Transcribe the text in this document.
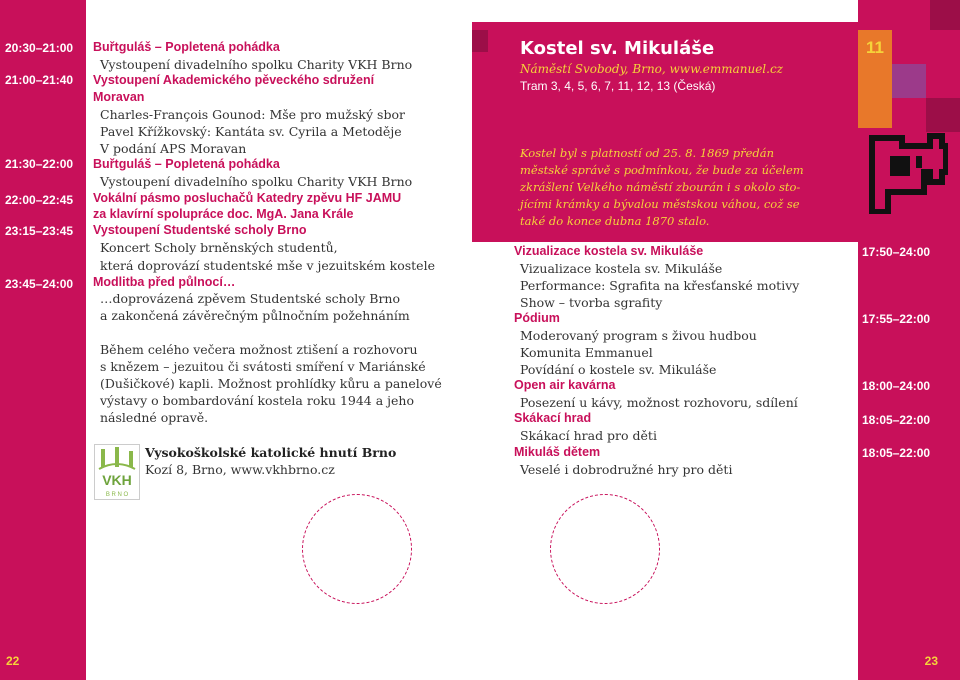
20:30–21:00
21:00–21:40
21:30–22:00
22:00–22:45
23:15–23:45
23:45–24:00
Buřtguláš – Popletená pohádka
Vystoupení divadelního spolku Charity VKH Brno
Vystoupení Akademického pěveckého sdružení
Moravan
Charles-François Gounod: Mše pro mužský sbor
Pavel Křížkovský: Kantáta sv. Cyrila a Metoděje
V podání APS Moravan
Buřtguláš – Popletená pohádka
Vystoupení divadelního spolku Charity VKH Brno
Vokální pásmo posluchačů Katedry zpěvu HF JAMU
za klavírní spolupráce doc. MgA. Jana Krále
Vystoupení Studentské scholy Brno
Koncert Scholy brněnských studentů,
která doprovází studentské mše v jezuitském kostele
Modlitba před půlnocí…
…doprovázená zpěvem Studentské scholy Brno
a zakončená závěrečným půlnočním požehnáním
Během celého večera možnost ztišení a rozhovoru
s knězem – jezuitou či svátosti smíření v Mariánské
(Dušičkové) kapli. Možnost prohlídky kůru a panelové
výstavy o bombardování kostela roku 1944 a jeho
následné opravě.
VKH
B R N O
Vysokoškolské katolické hnutí Brno
Kozí 8, Brno, www.vkhbrno.cz
22
Kostel sv. Mikuláše
Náměstí Svobody, Brno, www.emmanuel.cz
Tram 3, 4, 5, 6, 7, 11, 12, 13 (Česká)
Kostel byl s platností od 25. 8. 1869 předán
městské správě s podmínkou, že bude za účelem
zkrášlení Velkého náměstí zbourán i s okolo sto-
jícími krámky a bývalou městskou váhou, což se
také do konce dubna 1870 stalo.
11
Vizualizace kostela sv. Mikuláše
Vizualizace kostela sv. Mikuláše
Performance: Sgrafita na křesťanské motivy
Show – tvorba sgrafity
Pódium
Moderovaný program s živou hudbou
Komunita Emmanuel
Povídání o kostele sv. Mikuláše
Open air kavárna
Posezení u kávy, možnost rozhovoru, sdílení
Skákací hrad
Skákací hrad pro děti
Mikuláš dětem
Veselé i dobrodružné hry pro děti
17:50–24:00
17:55–22:00
18:00–24:00
18:05–22:00
18:05–22:00
23
